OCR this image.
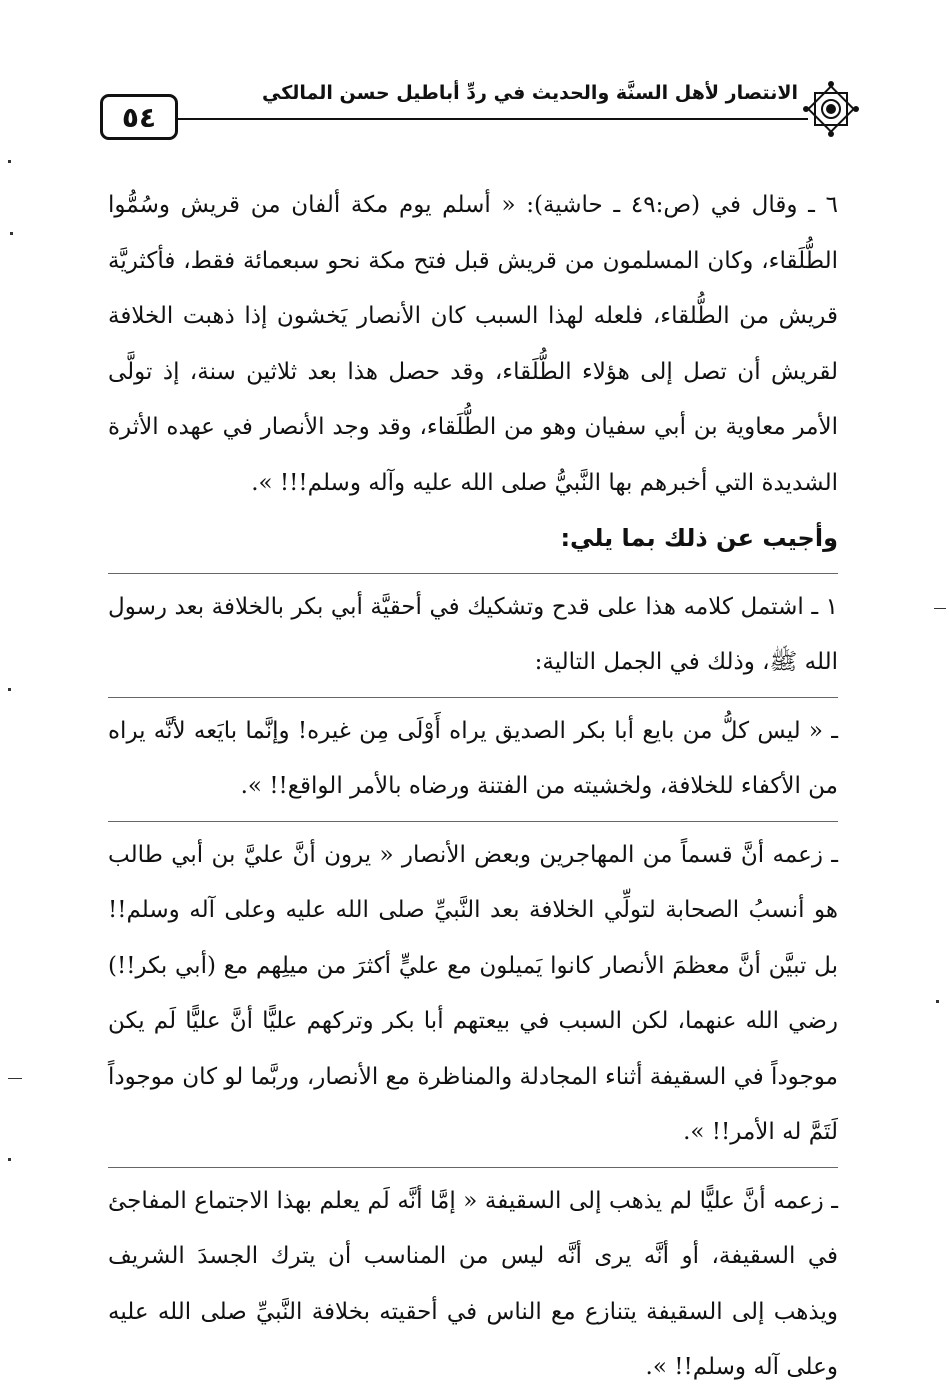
٥٤
الانتصار لأهل السنَّة والحديث في ردِّ أباطيل حسن المالكي

٦ ـ وقال في (ص:٤٩ ـ حاشية): « أسلم يوم مكة ألفان من قريش وسُمُّوا الطُّلَقاء، وكان المسلمون من قريش قبل فتح مكة نحو سبعمائة فقط، فأكثريَّة قريش من الطُّلقاء، فلعله لهذا السبب كان الأنصار يَخشون إذا ذهبت الخلافة لقريش أن تصل إلى هؤلاء الطُّلَقاء، وقد حصل هذا بعد ثلاثين سنة، إذ تولَّى الأمر معاوية بن أبي سفيان وهو من الطُّلَقاء، وقد وجد الأنصار في عهده الأثرة الشديدة التي أخبرهم بها النَّبيُّ صلى الله عليه وآله وسلم!!! ».

وأجيب عن ذلك بما يلي:

١ ـ اشتمل كلامه هذا على قدح وتشكيك في أحقيَّة أبي بكر بالخلافة بعد رسول الله ﷺ، وذلك في الجمل التالية:

ـ « ليس كلُّ من بايع أبا بكر الصديق يراه أَوْلَى مِن غيره! وإنَّما بايَعه لأنَّه يراه من الأكفاء للخلافة، ولخشيته من الفتنة ورضاه بالأمر الواقع!! ».

ـ زعمه أنَّ قسماً من المهاجرين وبعض الأنصار « يرون أنَّ عليَّ بن أبي طالب هو أنسبُ الصحابة لتولِّي الخلافة بعد النَّبيِّ صلى الله عليه وعلى آله وسلم!! بل تبيَّن أنَّ معظمَ الأنصار كانوا يَميلون مع عليٍّ أكثرَ من ميلِهم مع (أبي بكر!!) رضي الله عنهما، لكن السبب في بيعتهم أبا بكر وتركهم عليًّا أنَّ عليًّا لَم يكن موجوداً في السقيفة أثناء المجادلة والمناظرة مع الأنصار، وربَّما لو كان موجوداً لَتَمَّ له الأمر!! ».

ـ زعمه أنَّ عليًّا لم يذهب إلى السقيفة « إمَّا أنَّه لَم يعلم بهذا الاجتماع المفاجئ في السقيفة، أو أنَّه يرى أنَّه ليس من المناسب أن يترك الجسدَ الشريف ويذهب إلى السقيفة يتنازع مع الناس في أحقيته بخلافة النَّبيِّ صلى الله عليه وعلى آله وسلم!! ».
